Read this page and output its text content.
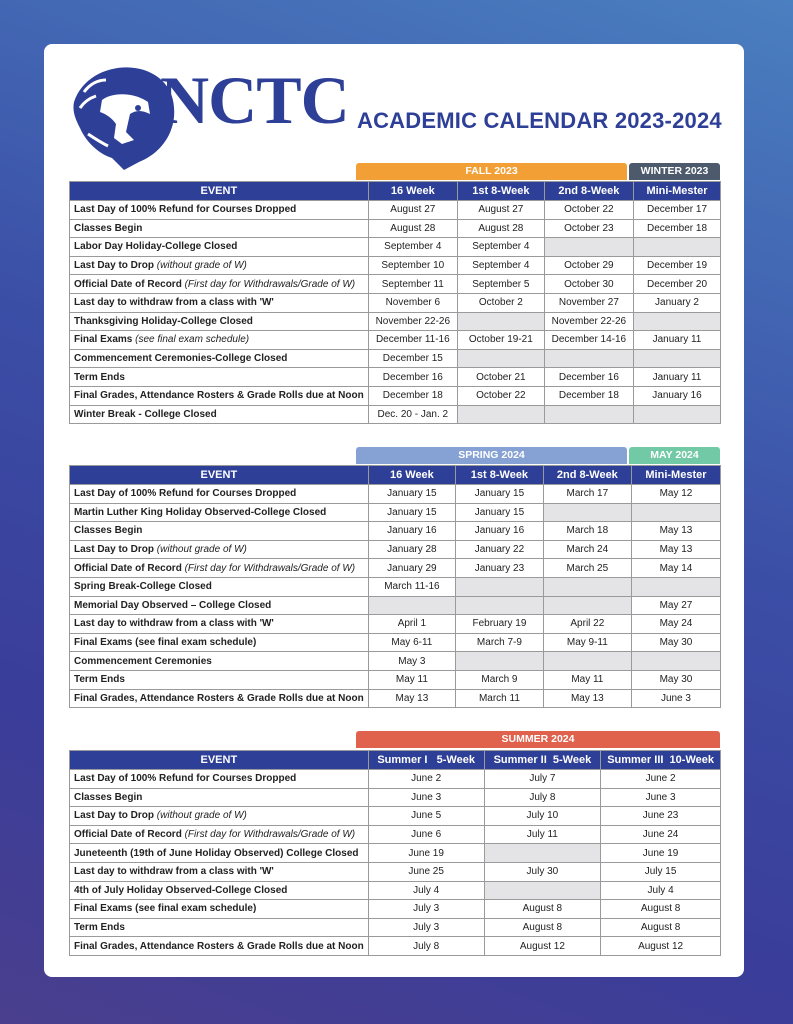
NCTC ACADEMIC CALENDAR 2023-2024
FALL 2023	WINTER 2023
EVENT	16 Week	1st 8-Week	2nd 8-Week	Mini-Mester
Last Day of 100% Refund for Courses Dropped	August 27	August 27	October 22	December 17
Classes Begin	August 28	August 28	October 23	December 18
Labor Day Holiday-College Closed	September 4	September 4		
Last Day to Drop (without grade of W)	September 10	September 4	October 29	December 19
Official Date of Record (First day for Withdrawals/Grade of W)	September 11	September 5	October 30	December 20
Last day to withdraw from a class with 'W'	November 6	October 2	November 27	January 2
Thanksgiving Holiday-College Closed	November 22-26		November 22-26	
Final Exams (see final exam schedule)	December 11-16	October 19-21	December 14-16	January 11
Commencement Ceremonies-College Closed	December 15			
Term Ends	December 16	October 21	December 16	January 11
Final Grades, Attendance Rosters & Grade Rolls due at Noon	December 18	October 22	December 18	January 16
Winter Break - College Closed	Dec. 20 - Jan. 2			
SPRING 2024	MAY 2024
EVENT	16 Week	1st 8-Week	2nd 8-Week	Mini-Mester
Last Day of 100% Refund for Courses Dropped	January 15	January 15	March 17	May 12
Martin Luther King Holiday Observed-College Closed	January 15	January 15		
Classes Begin	January 16	January 16	March 18	May 13
Last Day to Drop (without grade of W)	January 28	January 22	March 24	May 13
Official Date of Record (First day for Withdrawals/Grade of W)	January 29	January 23	March 25	May 14
Spring Break-College Closed	March 11-16			
Memorial Day Observed – College Closed				May 27
Last day to withdraw from a class with 'W'	April 1	February 19	April 22	May 24
Final Exams (see final exam schedule)	May 6-11	March 7-9	May 9-11	May 30
Commencement Ceremonies	May 3			
Term Ends	May 11	March 9	May 11	May 30
Final Grades, Attendance Rosters & Grade Rolls due at Noon	May 13	March 11	May 13	June 3
SUMMER 2024
EVENT	Summer I   5-Week	Summer II  5-Week	Summer III  10-Week
Last Day of 100% Refund for Courses Dropped	June 2	July 7	June 2
Classes Begin	June 3	July 8	June 3
Last Day to Drop (without grade of W)	June 5	July 10	June 23
Official Date of Record (First day for Withdrawals/Grade of W)	June 6	July 11	June 24
Juneteenth (19th of June Holiday Observed) College Closed	June 19		June 19
Last day to withdraw from a class with 'W'	June 25	July 30	July 15
4th of July Holiday Observed-College Closed	July 4		July 4
Final Exams (see final exam schedule)	July 3	August 8	August 8
Term Ends	July 3	August 8	August 8
Final Grades, Attendance Rosters & Grade Rolls due at Noon	July 8	August 12	August 12
